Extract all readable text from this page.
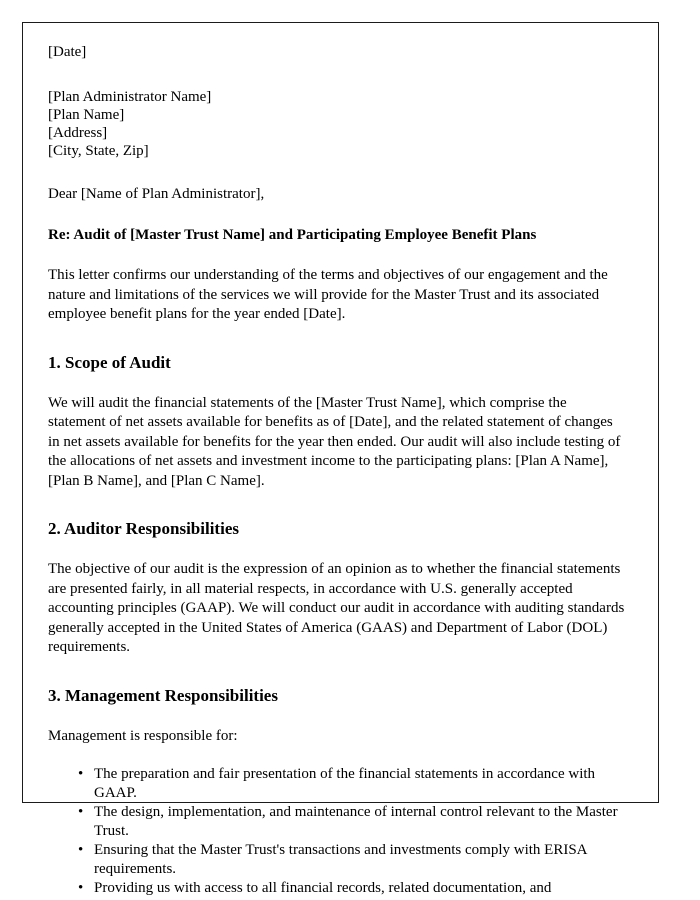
[Date]
[Plan Administrator Name]
[Plan Name]
[Address]
[City, State, Zip]
Dear [Name of Plan Administrator],
Re: Audit of [Master Trust Name] and Participating Employee Benefit Plans

This letter confirms our understanding of the terms and objectives of our engagement and the nature and limitations of the services we will provide for the Master Trust and its associated employee benefit plans for the year ended [Date].

1. Scope of Audit

We will audit the financial statements of the [Master Trust Name], which comprise the statement of net assets available for benefits as of [Date], and the related statement of changes in net assets available for benefits for the year then ended. Our audit will also include testing of the allocations of net assets and investment income to the participating plans: [Plan A Name], [Plan B Name], and [Plan C Name].

2. Auditor Responsibilities

The objective of our audit is the expression of an opinion as to whether the financial statements are presented fairly, in all material respects, in accordance with U.S. generally accepted accounting principles (GAAP). We will conduct our audit in accordance with auditing standards generally accepted in the United States of America (GAAS) and Department of Labor (DOL) requirements.

3. Management Responsibilities

Management is responsible for:

• The preparation and fair presentation of the financial statements in accordance with GAAP.
• The design, implementation, and maintenance of internal control relevant to the Master Trust.
• Ensuring that the Master Trust's transactions and investments comply with ERISA requirements.
• Providing us with access to all financial records, related documentation, and
